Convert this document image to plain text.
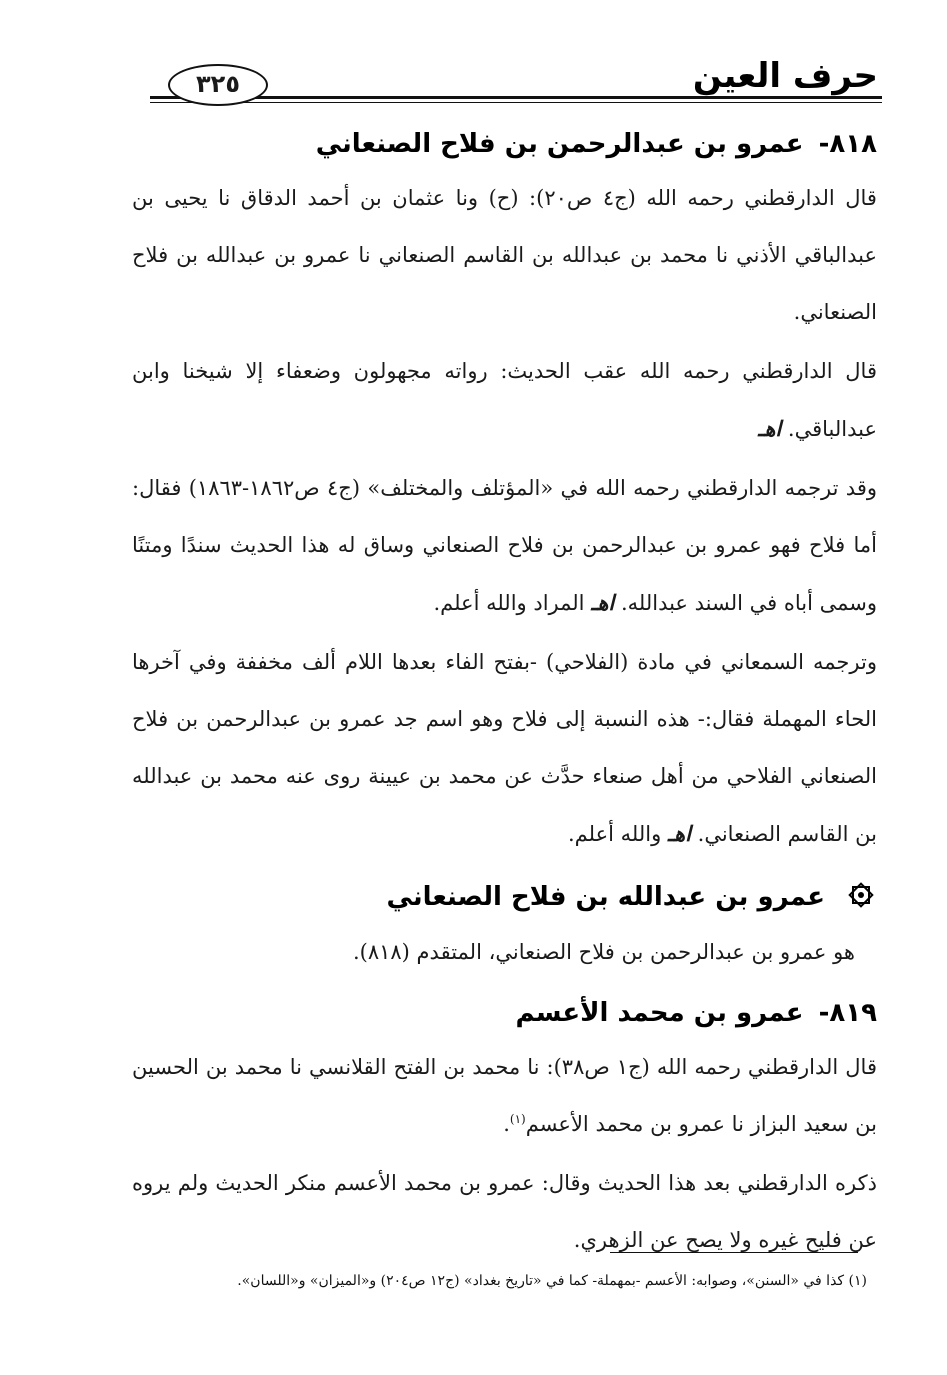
حرف العين
٣٢٥
٨١٨- عمرو بن عبدالرحمن بن فلاح الصنعاني

قال الدارقطني رحمه الله (ج٤ ص٢٠): (ح) ونا عثمان بن أحمد الدقاق نا يحيى بن عبدالباقي الأذني نا محمد بن عبدالله بن القاسم الصنعاني نا عمرو بن عبدالله بن فلاح الصنعاني.

قال الدارقطني رحمه الله عقب الحديث: رواته مجهولون وضعفاء إلا شيخنا وابن عبدالباقي. اهـ

وقد ترجمه الدارقطني رحمه الله في «المؤتلف والمختلف» (ج٤ ص١٨٦٢-١٨٦٣) فقال: أما فلاح فهو عمرو بن عبدالرحمن بن فلاح الصنعاني وساق له هذا الحديث سندًا ومتنًا وسمى أباه في السند عبدالله. اهـ المراد والله أعلم.

وترجمه السمعاني في مادة (الفلاحي) -بفتح الفاء بعدها اللام ألف مخففة وفي آخرها الحاء المهملة فقال:- هذه النسبة إلى فلاح وهو اسم جد عمرو بن عبدالرحمن بن فلاح الصنعاني الفلاحي من أهل صنعاء حدَّث عن محمد بن عيينة روى عنه محمد بن عبدالله بن القاسم الصنعاني. اهـ والله أعلم.

عمرو بن عبدالله بن فلاح الصنعاني

هو عمرو بن عبدالرحمن بن فلاح الصنعاني، المتقدم (٨١٨).

٨١٩- عمرو بن محمد الأعسم

قال الدارقطني رحمه الله (ج١ ص٣٨): نا محمد بن الفتح القلانسي نا محمد بن الحسين بن سعيد البزاز نا عمرو بن محمد الأعسم$^{(١)}$.

ذكره الدارقطني بعد هذا الحديث وقال: عمرو بن محمد الأعسم منكر الحديث ولم يروه عن فليح غيره ولا يصح عن الزهري.

(١) كذا في «السنن»، وصوابه: الأعسم -بمهملة- كما في «تاريخ بغداد» (ج١٢ ص٢٠٤) و«الميزان» و«اللسان».
